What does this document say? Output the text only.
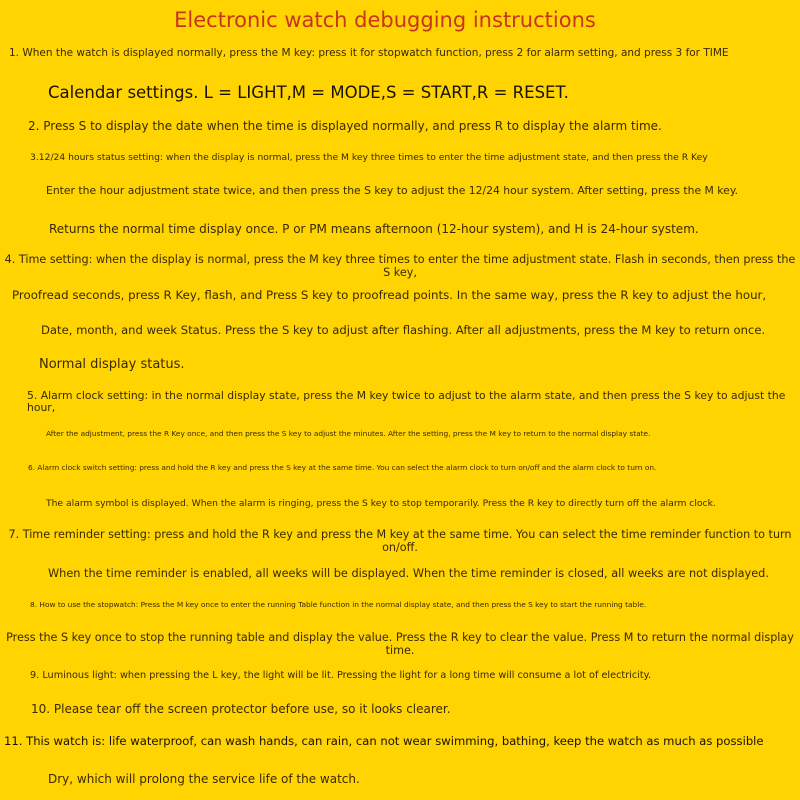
Electronic watch debugging instructions
1. When the watch is displayed normally, press the M key: press it for stopwatch function, press 2 for alarm setting, and press 3 for TIME
Calendar settings. L = LIGHT,M = MODE,S = START,R = RESET.
2. Press S to display the date when the time is displayed normally, and press R to display the alarm time.
3.12/24 hours status setting: when the display is normal, press the M key three times to enter the time adjustment state, and then press the R Key
Enter the hour adjustment state twice, and then press the S key to adjust the 12/24 hour system. After setting, press the M key.
Returns the normal time display once. P or PM means afternoon (12-hour system), and H is 24-hour system.
4. Time setting: when the display is normal, press the M key three times to enter the time adjustment state. Flash in seconds, then press the S key,
Proofread seconds, press R Key, flash, and Press S key to proofread points. In the same way, press the R key to adjust the hour,
Date, month, and week Status. Press the S key to adjust after flashing. After all adjustments, press the M key to return once.
Normal display status.
5. Alarm clock setting: in the normal display state, press the M key twice to adjust to the alarm state, and then press the S key to adjust the hour,
After the adjustment, press the R Key once, and then press the S key to adjust the minutes. After the setting, press the M key to return to the normal display state.
6. Alarm clock switch setting: press and hold the R key and press the S key at the same time. You can select the alarm clock to turn on/off and the alarm clock to turn on.
The alarm symbol is displayed. When the alarm is ringing, press the S key to stop temporarily. Press the R key to directly turn off the alarm clock.
7. Time reminder setting: press and hold the R key and press the M key at the same time. You can select the time reminder function to turn on/off.
When the time reminder is enabled, all weeks will be displayed. When the time reminder is closed, all weeks are not displayed.
8. How to use the stopwatch: Press the M key once to enter the running Table function in the normal display state, and then press the S key to start the running table.
Press the S key once to stop the running table and display the value. Press the R key to clear the value. Press M to return the normal display time.
9. Luminous light: when pressing the L key, the light will be lit. Pressing the light for a long time will consume a lot of electricity.
10. Please tear off the screen protector before use, so it looks clearer.
11. This watch is: life waterproof, can wash hands, can rain, can not wear swimming, bathing, keep the watch as much as possible
Dry, which will prolong the service life of the watch.
